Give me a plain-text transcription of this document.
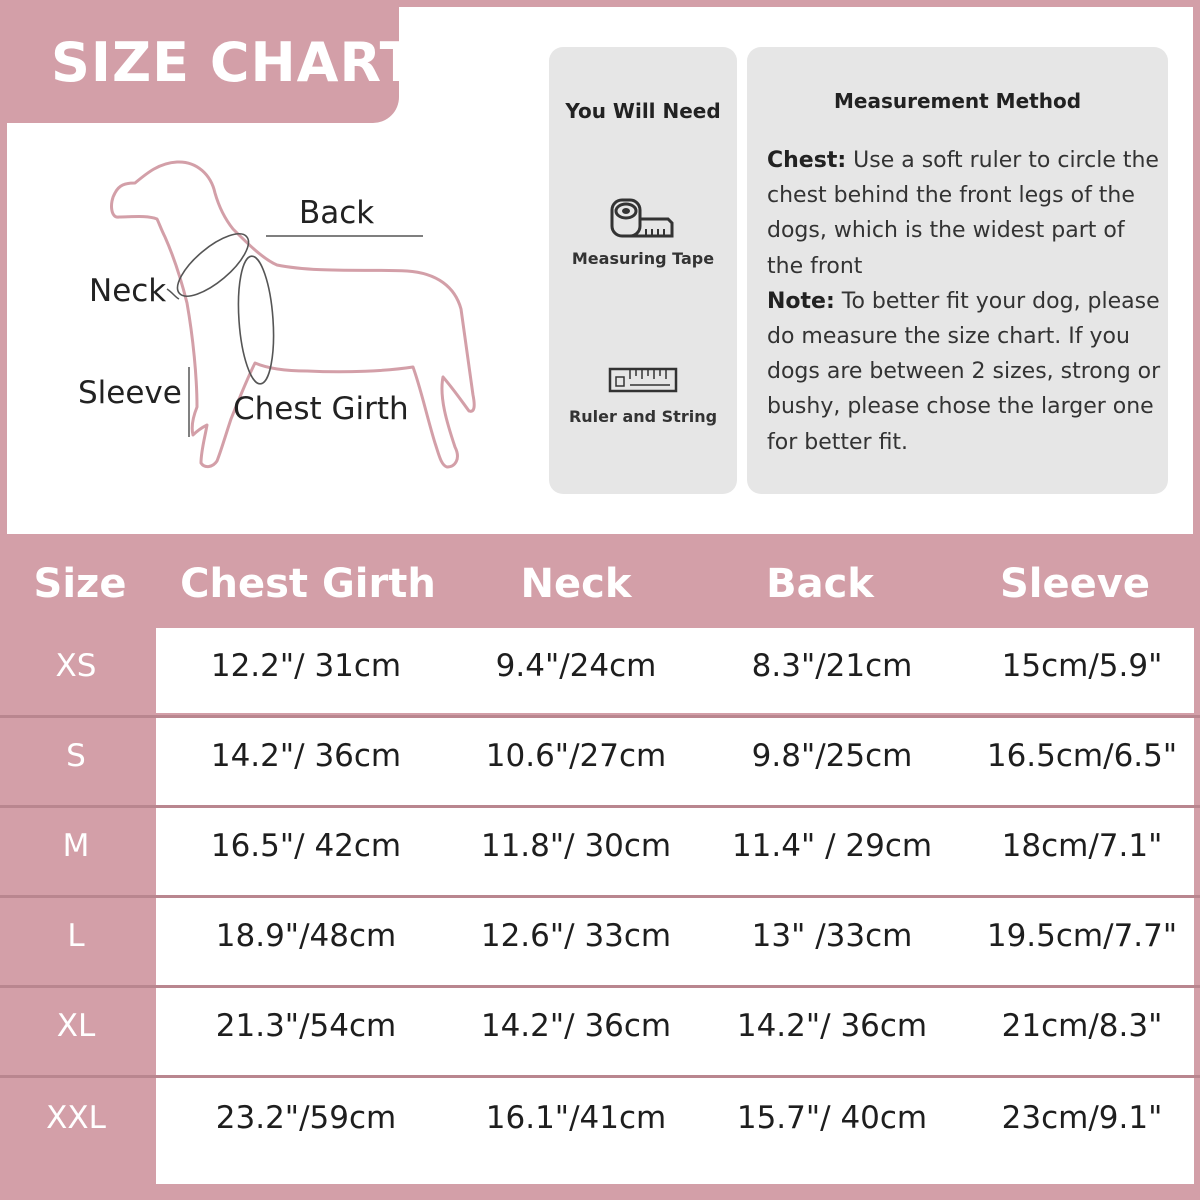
SIZE CHART
Back
Neck
Sleeve Chest Girth
You Will Need
Measuring Tape
Ruler and String
Measurement Method
Chest: Use a soft ruler to circle the chest behind the front legs of the dogs, which is the widest part of the front
Note: To better fit your dog, please do measure the size chart. If you dogs are between 2 sizes, strong or bushy, please chose the larger one for better fit.
Size	Chest Girth	Neck	Back	Sleeve
XS	12.2"/ 31cm	9.4"/24cm	8.3"/21cm	15cm/5.9"
S	14.2"/ 36cm	10.6"/27cm	9.8"/25cm	16.5cm/6.5"
M	16.5"/ 42cm	11.8"/ 30cm	11.4" / 29cm	18cm/7.1"
L	18.9"/48cm	12.6"/ 33cm	13" /33cm	19.5cm/7.7"
XL	21.3"/54cm	14.2"/ 36cm	14.2"/ 36cm	21cm/8.3"
XXL	23.2"/59cm	16.1"/41cm	15.7"/ 40cm	23cm/9.1"
